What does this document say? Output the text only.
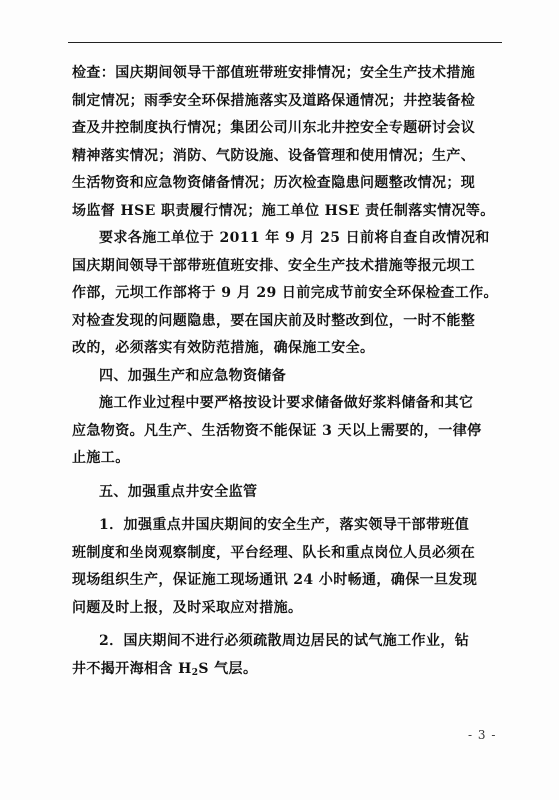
检查：国庆期间领导干部值班带班安排情况；安全生产技术措施
制定情况；雨季安全环保措施落实及道路保通情况；井控装备检
查及井控制度执行情况；集团公司川东北井控安全专题研讨会议
精神落实情况；消防、气防设施、设备管理和使用情况；生产、
生活物资和应急物资储备情况；历次检查隐患问题整改情况；现
场监督 HSE 职责履行情况；施工单位 HSE 责任制落实情况等。
要求各施工单位于 2011 年 9 月 25 日前将自查自改情况和
国庆期间领导干部带班值班安排、安全生产技术措施等报元坝工
作部，元坝工作部将于 9 月 29 日前完成节前安全环保检查工作。
对检查发现的问题隐患，要在国庆前及时整改到位，一时不能整
改的，必须落实有效防范措施，确保施工安全。
四、加强生产和应急物资储备
施工作业过程中要严格按设计要求储备做好浆料储备和其它
应急物资。凡生产、生活物资不能保证 3 天以上需要的，一律停
止施工。
五、加强重点井安全监管
1．加强重点井国庆期间的安全生产，落实领导干部带班值
班制度和坐岗观察制度，平台经理、队长和重点岗位人员必须在
现场组织生产，保证施工现场通讯 24 小时畅通，确保一旦发现
问题及时上报，及时采取应对措施。
2．国庆期间不进行必须疏散周边居民的试气施工作业，钻
井不揭开海相含 $H_2S$ 气层。
- 3 -
